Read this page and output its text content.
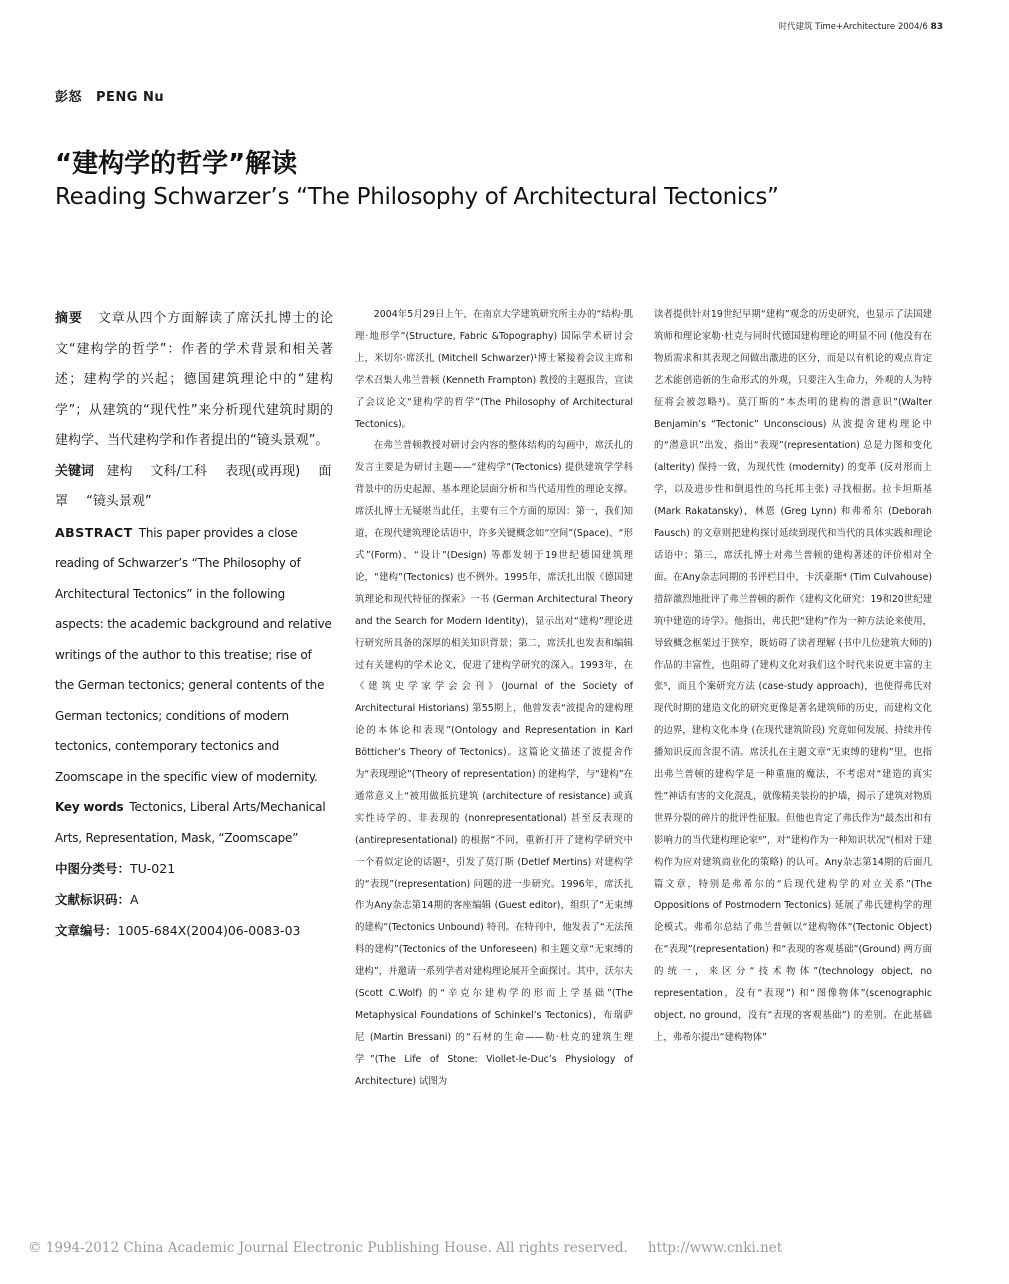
时代建筑 Time+Architecture 2004/6 83
彭怒 PENG Nu
“建构学的哲学”解读
Reading Schwarzer’s “The Philosophy of Architectural Tectonics”

摘要 文章从四个方面解读了席沃扎博士的论文“建构学的哲学”：作者的学术背景和相关著述；建构学的兴起；德国建筑理论中的“建构学”；从建筑的“现代性”来分析现代建筑时期的建构学、当代建构学和作者提出的“镜头景观”。

关键词 建构 文科/工科 表现(或再现) 面罩 “镜头景观”

ABSTRACT This paper provides a close reading of Schwarzer’s “The Philosophy of Architectural Tectonics” in the following aspects: the academic background and relative writings of the author to this treatise; rise of the German tectonics; general contents of the German tectonics; conditions of modern tectonics, contemporary tectonics and Zoomscape in the specific view of modernity.

Key words Tectonics, Liberal Arts/Mechanical Arts, Representation, Mask, “Zoomscape”

中图分类号：TU-021

文献标识码：A

文章编号：1005-684X(2004)06-0083-03

2004年5月29日上午，在南京大学建筑研究所主办的“结构·肌理·地形学”(Structure, Fabric &Topography) 国际学术研讨会上，米切尔·席沃扎 (Mitchell Schwarzer)¹博士紧接着会议主席和学术召集人弗兰普顿 (Kenneth Frampton) 教授的主题报告，宣读了会议论文“建构学的哲学”(The Philosophy of Architectural Tectonics)。

在弗兰普顿教授对研讨会内容的整体结构的勾画中，席沃扎的发言主要是为研讨主题——“建构学”(Tectonics) 提供建筑学学科背景中的历史起源、基本理论层面分析和当代适用性的理论支撑。席沃扎博士无疑堪当此任，主要有三个方面的原因：第一，我们知道，在现代建筑理论话语中，许多关键概念如“空间”(Space)、“形式”(Form)、“设计”(Design) 等都发轫于19世纪德国建筑理论，“建构”(Tectonics) 也不例外。1995年，席沃扎出版《德国建筑理论和现代特征的探索》一书 (German Architectural Theory and the Search for Modern Identity)，显示出对“建构”理论进行研究所具备的深厚的相关知识背景；第二，席沃扎也发表和编辑过有关建构的学术论文，促进了建构学研究的深入。1993年，在《建筑史学家学会会刊》(Journal of the Society of Architectural Historians) 第55期上，他曾发表“波提舍的建构理论的本体论和表现”(Ontology and Representation in Karl Bötticher’s Theory of Tectonics)。这篇论文描述了波提舍作为“表现理论”(Theory of representation) 的建构学，与“建构”在通常意义上“被用做抵抗建筑 (architecture of resistance) 或真实性诗学的、非表现的 (nonrepresentational) 甚至反表现的 (antirepresentational) 的根据”不同，重新打开了建构学研究中一个看似定论的话题²，引发了莫汀斯 (Detlef Mertins) 对建构学的“表现”(representation) 问题的进一步研究。1996年，席沃扎作为Any杂志第14期的客座编辑 (Guest editor)，组织了“无束缚的建构”(Tectonics Unbound) 特刊。在特刊中，他发表了“无法预料的建构”(Tectonics of the Unforeseen) 和主题文章“无束缚的建构”，并邀请一系列学者对建构理论展开全面探讨。其中，沃尔夫 (Scott C.Wolf) 的“辛克尔建构学的形而上学基础”(The Metaphysical Foundations of Schinkel’s Tectonics)，布瑞萨尼 (Martin Bressani) 的“石材的生命——勒·杜克的建筑生理学”(The Life of Stone: Viollet-le-Duc’s Physiology of Architecture) 试图为

读者提供针对19世纪早期“建构”观念的历史研究，也显示了法国建筑师和理论家勒·杜克与同时代德国建构理论的明显不同 (他没有在物质需求和其表现之间做出激进的区分，而是以有机论的观点肯定艺术能创造新的生命形式的外观，只要注入生命力，外观的人为特征将会被忽略³)。莫汀斯的“本杰明的建构的潜意识”(Walter Benjamin’s “Tectonic” Unconscious) 从波提舍建构理论中的“潜意识”出发，指出“表现”(representation) 总是力图和变化 (alterity) 保持一致，为现代性 (modernity) 的变革 (反对形而上学，以及进步性和倒退性的乌托邦主张) 寻找根据。拉卡坦斯基 (Mark Rakatansky)，林恩 (Greg Lynn) 和弗希尔 (Deborah Fausch) 的文章则把建构探讨延续到现代和当代的具体实践和理论话语中；第三，席沃扎博士对弗兰普顿的建构著述的评价相对全面。在Any杂志同期的书评栏目中，卡沃豪斯⁴ (Tim Culvahouse) 措辞激烈地批评了弗兰普顿的新作《建构文化研究：19和20世纪建筑中建造的诗学》。他指出，弗氏把“建构”作为一种方法论来使用，导致概念框架过于狭窄，既妨碍了读者理解 (书中几位建筑大师的) 作品的丰富性，也阻碍了建构文化对我们这个时代来说更丰富的主张⁵，而且个案研究方法 (case-study approach)，也使得弗氏对现代时期的建造文化的研究更像是著名建筑师的历史，而建构文化的边界，建构文化本身 (在现代建筑阶段) 究竟如何发展、持续并传播知识反而含混不清。席沃扎在主题文章“无束缚的建构”里，也指出弗兰普顿的建构学是一种重施的魔法，不考虑对“建造的真实性”神话有害的文化混乱，就像精美装扮的护墙，揭示了建筑对物质世界分裂的碎片的批评性征服。但他也肯定了弗氏作为“最杰出和有影响力的当代建构理论家⁶”，对“建构作为一种知识状况”(相对于建构作为应对建筑商业化的策略) 的认可。Any杂志第14期的后面几篇文章，特别是弗希尔的“后现代建构学的对立关系”(The Oppositions of Postmodern Tectonics) 延展了弗氏建构学的理论模式。弗希尔总结了弗兰普顿以“建构物体”(Tectonic Object) 在“表现”(representation) 和“表现的客观基础”(Ground) 两方面的统一，来区分“技术物体”(technology object, no representation，没有“表现”) 和“图像物体”(scenographic object, no ground，没有“表现的客观基础”) 的差别。在此基础上，弗希尔提出“建构物体”

© 1994-2012 China Academic Journal Electronic Publishing House. All rights reserved. http://www.cnki.net
